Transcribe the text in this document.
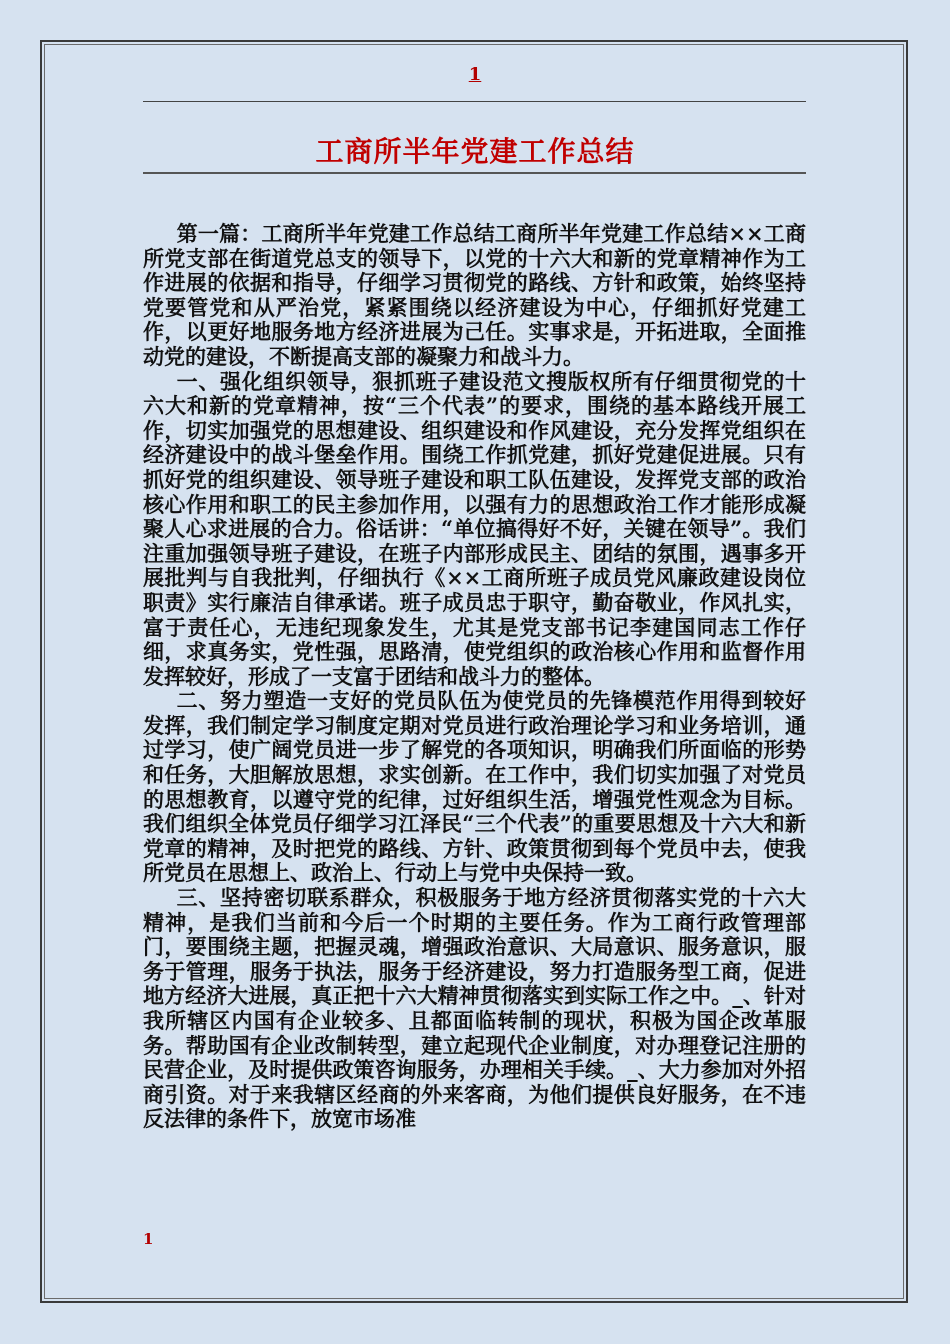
1
工商所半年党建工作总结

第一篇：工商所半年党建工作总结工商所半年党建工作总结××工商所党支部在街道党总支的领导下，以党的十六大和新的党章精神作为工作进展的依据和指导，仔细学习贯彻党的路线、方针和政策，始终坚持党要管党和从严治党，紧紧围绕以经济建设为中心，仔细抓好党建工作，以更好地服务地方经济进展为己任。实事求是，开拓进取，全面推动党的建设，不断提高支部的凝聚力和战斗力。

一、强化组织领导，狠抓班子建设范文搜版权所有仔细贯彻党的十六大和新的党章精神，按“三个代表”的要求，围绕的基本路线开展工作，切实加强党的思想建设、组织建设和作风建设，充分发挥党组织在经济建设中的战斗堡垒作用。围绕工作抓党建，抓好党建促进展。只有抓好党的组织建设、领导班子建设和职工队伍建设，发挥党支部的政治核心作用和职工的民主参加作用，以强有力的思想政治工作才能形成凝聚人心求进展的合力。俗话讲：“单位搞得好不好，关键在领导”。我们注重加强领导班子建设，在班子内部形成民主、团结的氛围，遇事多开展批判与自我批判，仔细执行《××工商所班子成员党风廉政建设岗位职责》实行廉洁自律承诺。班子成员忠于职守，勤奋敬业，作风扎实，富于责任心，无违纪现象发生，尤其是党支部书记李建国同志工作仔细，求真务实，党性强，思路清，使党组织的政治核心作用和监督作用发挥较好，形成了一支富于团结和战斗力的整体。

二、努力塑造一支好的党员队伍为使党员的先锋模范作用得到较好发挥，我们制定学习制度定期对党员进行政治理论学习和业务培训，通过学习，使广阔党员进一步了解党的各项知识，明确我们所面临的形势和任务，大胆解放思想，求实创新。在工作中，我们切实加强了对党员的思想教育，以遵守党的纪律，过好组织生活，增强党性观念为目标。我们组织全体党员仔细学习江泽民“三个代表”的重要思想及十六大和新党章的精神，及时把党的路线、方针、政策贯彻到每个党员中去，使我所党员在思想上、政治上、行动上与党中央保持一致。

三、坚持密切联系群众，积极服务于地方经济贯彻落实党的十六大精神，是我们当前和今后一个时期的主要任务。作为工商行政管理部门，要围绕主题，把握灵魂，增强政治意识、大局意识、服务意识，服务于管理，服务于执法，服务于经济建设，努力打造服务型工商，促进地方经济大进展，真正把十六大精神贯彻落实到实际工作之中。_、针对我所辖区内国有企业较多、且都面临转制的现状，积极为国企改革服务。帮助国有企业改制转型，建立起现代企业制度，对办理登记注册的民营企业，及时提供政策咨询服务，办理相关手续。_、大力参加对外招商引资。对于来我辖区经商的外来客商，为他们提供良好服务，在不违反法律的条件下，放宽市场准

1
